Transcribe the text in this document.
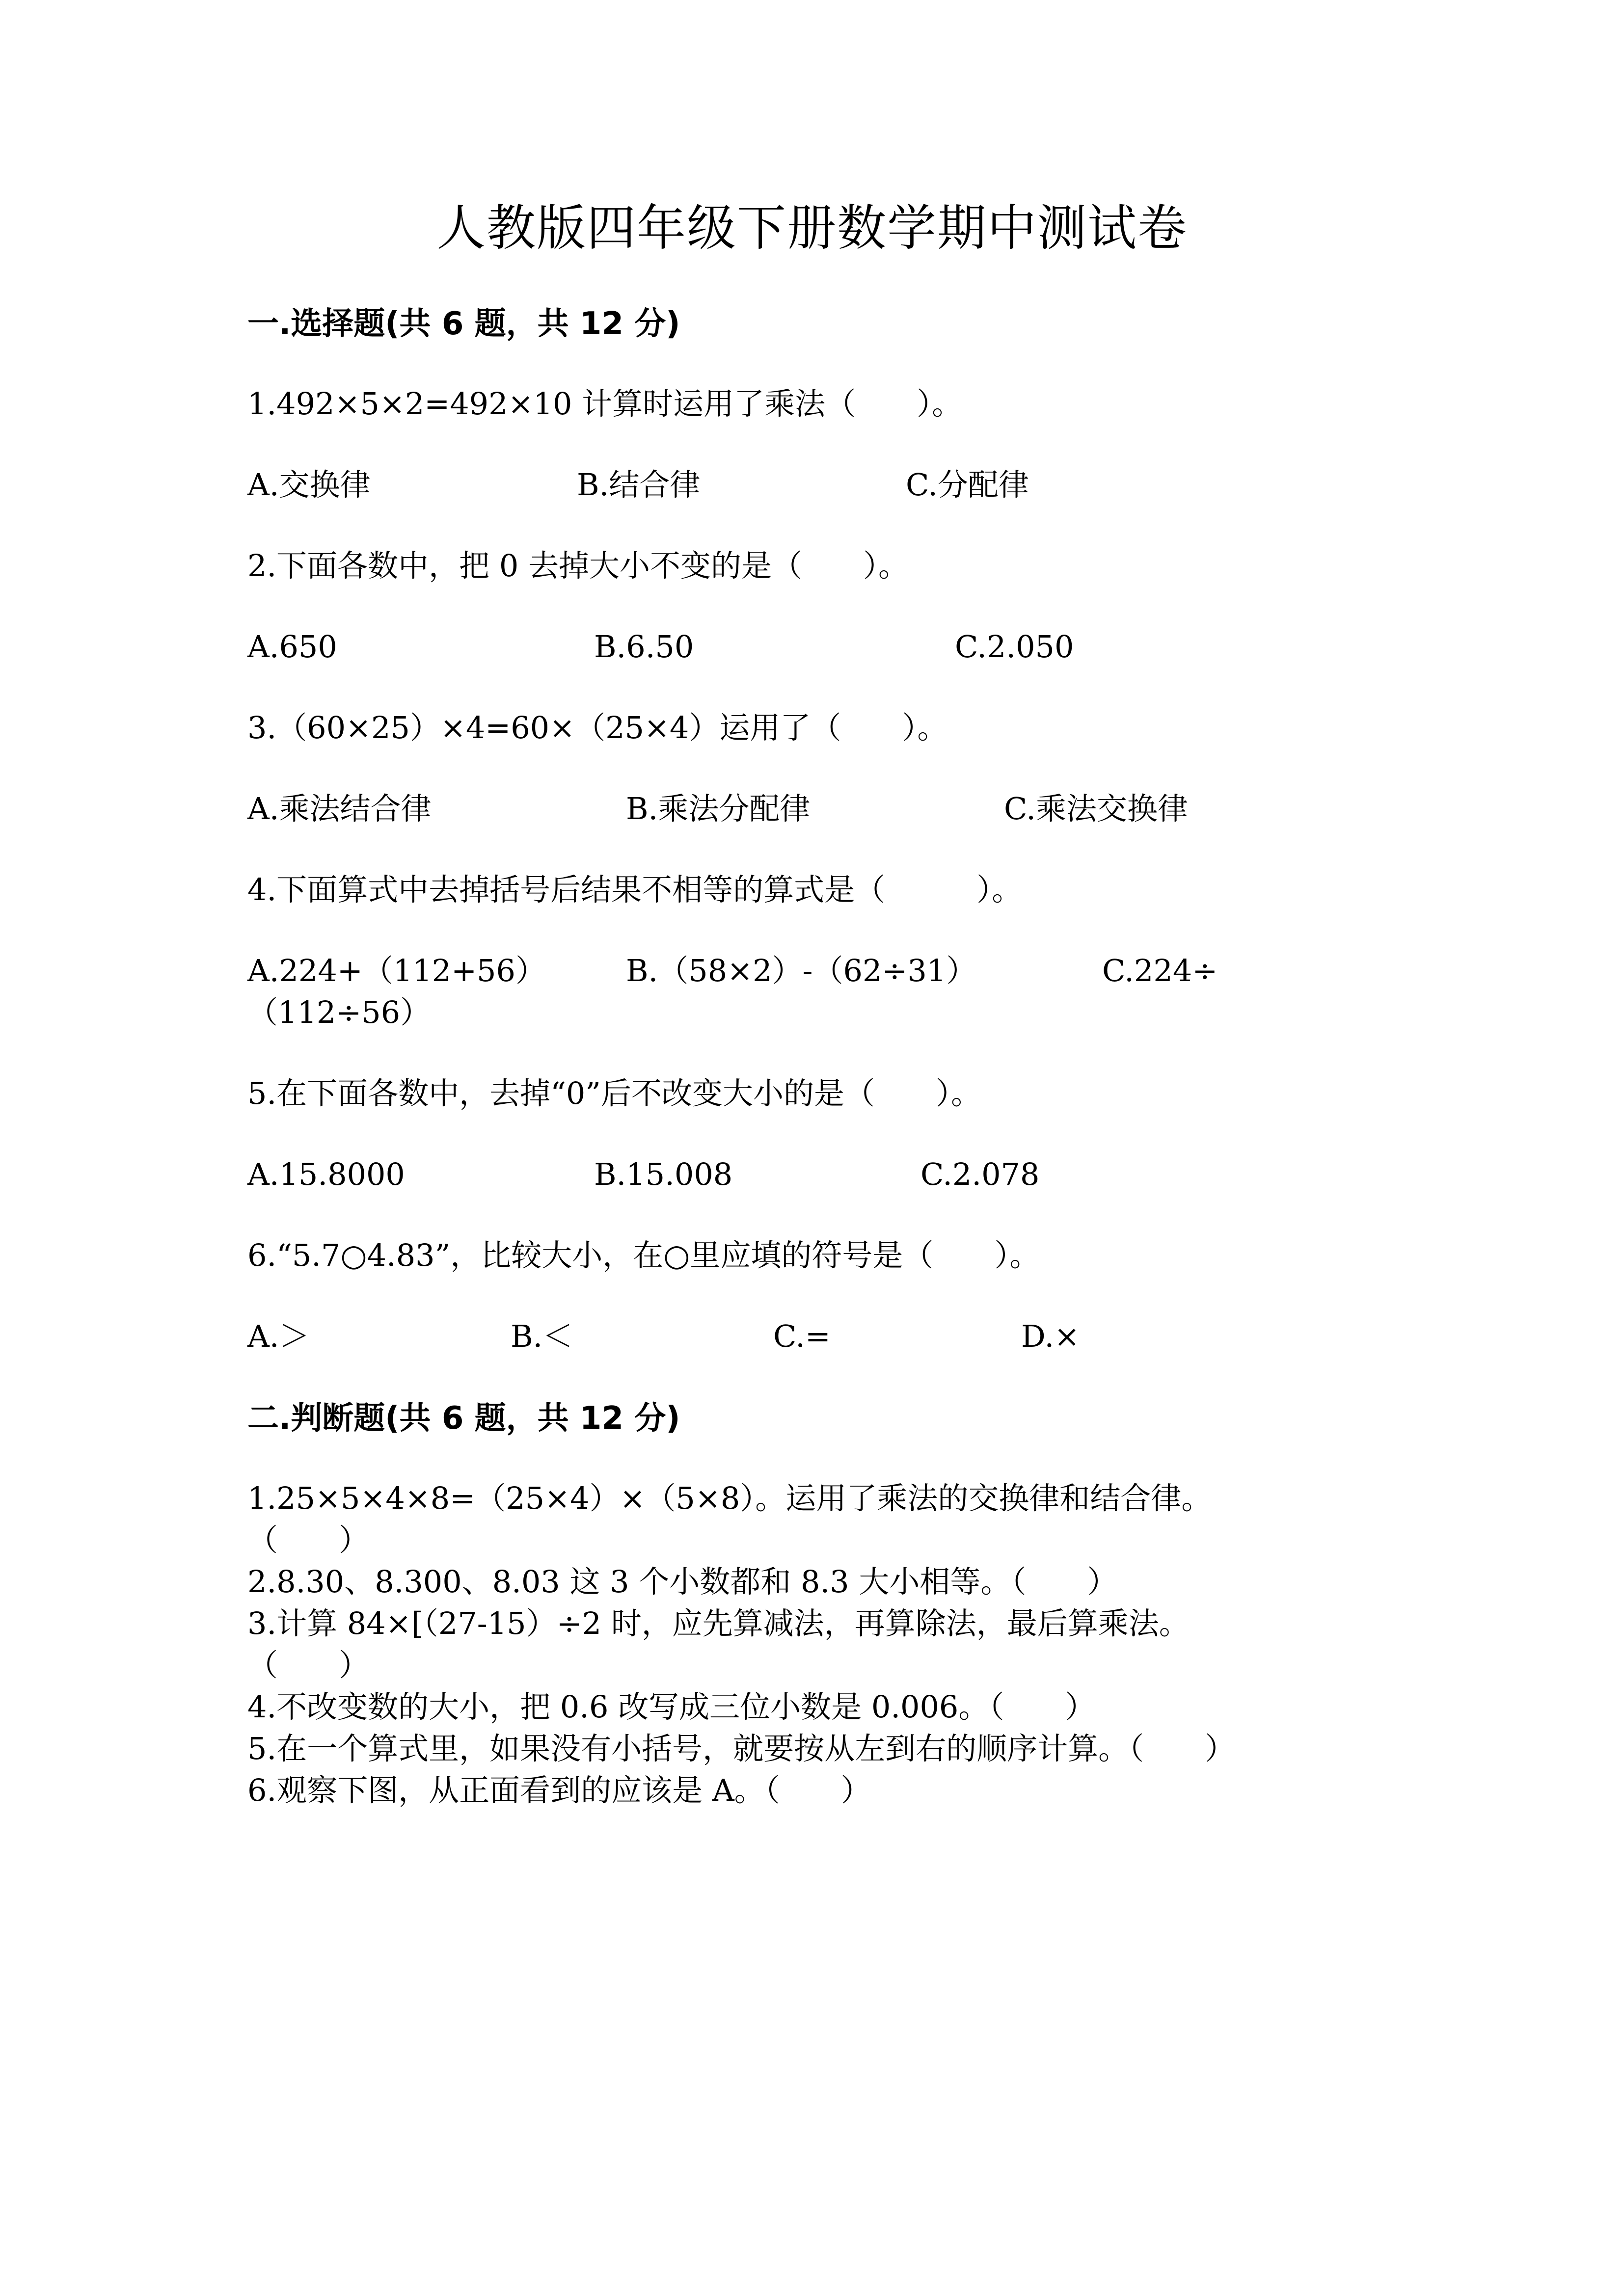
人教版四年级下册数学期中测试卷
一.选择题(共 6 题，共 12 分)
1.492×5×2=492×10 计算时运用了乘法（　　）。
A.交换律	B.结合律	C.分配律
2.下面各数中，把 0 去掉大小不变的是（　　）。
A.650	B.6.50	C.2.050
3.（60×25）×4=60×（25×4）运用了（　　）。
A.乘法结合律	B.乘法分配律	C.乘法交换律
4.下面算式中去掉括号后结果不相等的算式是（　　　）。
A.224+（112+56）	B.（58×2）-（62÷31）	C.224÷
（112÷56）
5.在下面各数中，去掉“0”后不改变大小的是（　　）。
A.15.8000	B.15.008	C.2.078
6.“5.7○4.83”，比较大小，在○里应填的符号是（　　）。
A.＞	B.＜	C.=	D.×
二.判断题(共 6 题，共 12 分)
1.25×5×4×8=（25×4）×（5×8）。运用了乘法的交换律和结合律。
（　　）
2.8.30、8.300、8.03 这 3 个小数都和 8.3 大小相等。（　　）
3.计算 84×[（27-15）÷2 时，应先算减法，再算除法，最后算乘法。
（　　）
4.不改变数的大小，把 0.6 改写成三位小数是 0.006。（　　）
5.在一个算式里，如果没有小括号，就要按从左到右的顺序计算。（　　）
6.观察下图，从正面看到的应该是 A。（　　）
